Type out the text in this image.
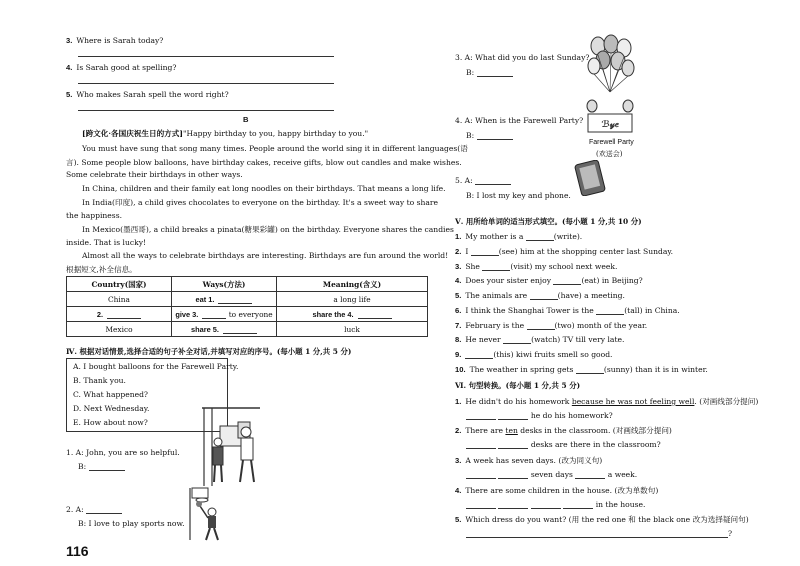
3. Where is Sarah today?
4. Is Sarah good at spelling?
5. Who makes Sarah spell the word right?
B
[跨文化·各国庆祝生日的方式]"Happy birthday to you, happy birthday to you."
You must have sung that song many times. People around the world sing it in different languages(语
言). Some people blow balloons, have birthday cakes, receive gifts, blow out candles and make wishes.
Some celebrate their birthdays in other ways.
In China, children and their family eat long noodles on their birthdays. That means a long life.
In India(印度), a child gives chocolates to everyone on the birthday. It's a sweet way to share
the happiness.
In Mexico(墨西哥), a child breaks a pinata(糖果彩罐) on the birthday. Everyone shares the candies
inside. That is lucky!
Almost all the ways to celebrate birthdays are interesting. Birthdays are fun around the world!
根据短文,补全信息。
Country(国家)	Ways(方法)	Meaning(含义)
China	eat 1.	a long life
2.	give 3. to everyone	share the 4.
Mexico	share 5.	luck
Ⅳ. 根据对话情景,选择合适的句子补全对话,并填写对应的序号。(每小题 1 分,共 5 分)
A. I bought balloons for the Farewell Party.
B. Thank you.
C. What happened?
D. Next Wednesday.
E. How about now?
1. A: John, you are so helpful.
B:
2. A:
B: I love to play sports now.
116
3. A: What did you do last Sunday?
B:
4. A: When is the Farewell Party?
B:
ℬ𝓎𝑒
Farewell Party
(欢送会)
5. A:
B: I lost my key and phone.
Ⅴ. 用所给单词的适当形式填空。(每小题 1 分,共 10 分)
1. My mother is a	(write).
2. I	(see) him at the shopping center last Sunday.
3. She	(visit) my school next week.
4. Does your sister enjoy	(eat) in Beijing?
5. The animals are	(have) a meeting.
6. I think the Shanghai Tower is the	(tall) in China.
7. February is the	(two) month of the year.
8. He never	(watch) TV till very late.
9.	(this) kiwi fruits smell so good.
10. The weather in spring gets	(sunny) than it is in winter.
Ⅵ. 句型转换。(每小题 1 分,共 5 分)
1. He didn't do his homework because he was not feeling well. (对画线部分提问)
he do his homework?
2. There are ten desks in the classroom. (对画线部分提问)
desks are there in the classroom?
3. A week has seven days. (改为同义句)
seven days	a week.
4. There are some children in the house. (改为单数句)
in the house.
5. Which dress do you want? (用 the red one 和 the black one 改为选择疑问句)
?
